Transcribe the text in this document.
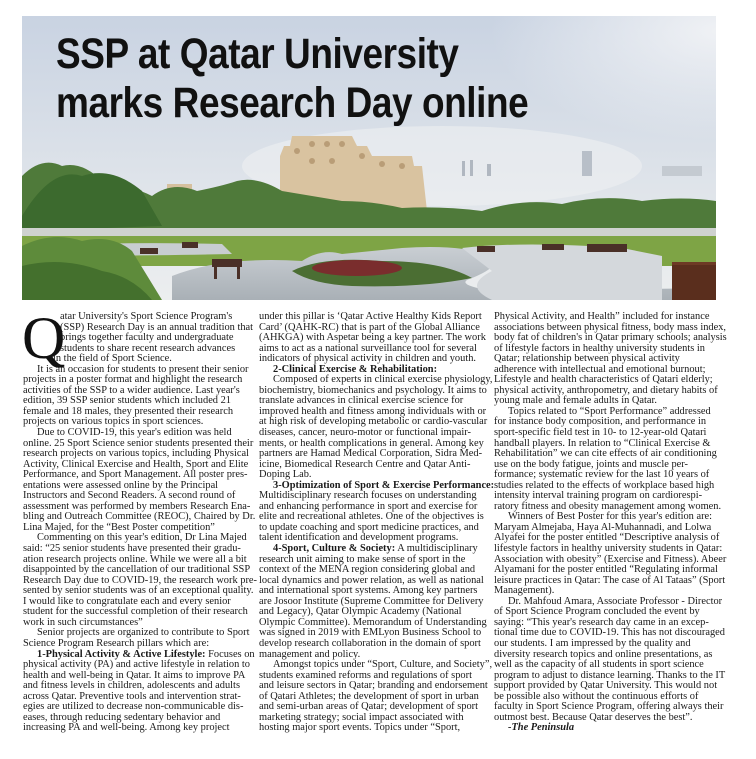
SSP at Qatar University
marks Research Day online
Q
atar University's Sport Science Program's
(SSP) Research Day is an annual tradition that
brings together faculty and undergraduate
students to share recent research advances
in the field of Sport Science.
It is an occasion for students to present their senior
projects in a poster format and highlight the research
activities of the SSP to a wider audience. Last year's
edition, 39 SSP senior students which included 21
female and 18 males, they presented their research
projects on various topics in sport sciences.
Due to COVID-19, this year's edition was held
online. 25 Sport Science senior students presented their
research projects on various topics, including Physical
Activity, Clinical Exercise and Health, Sport and Elite
Performance, and Sport Management. All poster pres-
entations were assessed online by the Principal
Instructors and Second Readers. A second round of
assessment was performed by members Research Ena-
bling and Outreach Committee (REOC), Chaired by Dr.
Lina Majed, for the “Best Poster competition”
Commenting on this year's edition, Dr Lina Majed
said: “25 senior students have presented their gradu-
ation research projects online. While we were all a bit
disappointed by the cancellation of our traditional SSP
Research Day due to COVID-19, the research work pre-
sented by senior students was of an exceptional quality.
I would like to congratulate each and every senior
student for the successful completion of their research
work in such circumstances”
Senior projects are organized to contribute to Sport
Science Program Research pillars which are:
1-Physical Activity & Active Lifestyle: Focuses on
physical activity (PA) and active lifestyle in relation to
health and well-being in Qatar. It aims to improve PA
and fitness levels in children, adolescents and adults
across Qatar. Preventive tools and intervention strat-
egies are utilized to decrease non-communicable dis-
eases, through reducing sedentary behavior and
increasing PA and well-being. Among key project
under this pillar is ‘Qatar Active Healthy Kids Report
Card’ (QAHK-RC) that is part of the Global Alliance
(AHKGA) with Aspetar being a key partner. The work
aims to act as a national surveillance tool for several
indicators of physical activity in children and youth.
2-Clinical Exercise & Rehabilitation:
Composed of experts in clinical exercise physiology,
biochemistry, biomechanics and psychology. It aims to
translate advances in clinical exercise science for
improved health and fitness among individuals with or
at high risk of developing metabolic or cardio-vascular
diseases, cancer, neuro-motor or functional impair-
ments, or health complications in general. Among key
partners are Hamad Medical Corporation, Sidra Med-
icine, Biomedical Research Centre and Qatar Anti-
Doping Lab.
3-Optimization of Sport & Exercise Performance:
Multidisciplinary research focuses on understanding
and enhancing performance in sport and exercise for
elite and recreational athletes. One of the objectives is
to update coaching and sport medicine practices, and
talent identification and development programs.
4-Sport, Culture & Society: A multidisciplinary
research unit aiming to make sense of sport in the
context of the MENA region considering global and
local dynamics and power relation, as well as national
and international sport systems. Among key partners
are Josoor Institute (Supreme Committee for Delivery
and Legacy), Qatar Olympic Academy (National
Olympic Committee). Memorandum of Understanding
was signed in 2019 with EMLyon Business School to
develop research collaboration in the domain of sport
management and policy.
Amongst topics under “Sport, Culture, and Society”,
students examined reforms and regulations of sport
and leisure sectors in Qatar; branding and endorsement
of Qatari Athletes; the development of sport in urban
and semi-urban areas of Qatar; development of sport
marketing strategy; social impact associated with
hosting major sport events. Topics under “Sport,
Physical Activity, and Health” included for instance
associations between physical fitness, body mass index,
body fat of children's in Qatar primary schools; analysis
of lifestyle factors in healthy university students in
Qatar; relationship between physical activity
adherence with intellectual and emotional burnout;
Lifestyle and health characteristics of Qatari elderly;
physical activity, anthropometry, and dietary habits of
young male and female adults in Qatar.
Topics related to “Sport Performance” addressed
for instance body composition, and performance in
sport-specific field test in 10- to 12-year-old Qatari
handball players. In relation to “Clinical Exercise &
Rehabilitation” we can cite effects of air conditioning
use on the body fatigue, joints and muscle per-
formance; systematic review for the last 10 years of
studies related to the effects of workplace based high
intensity interval training program on cardiorespi-
ratory fitness and obesity management among women.
Winners of Best Poster for this year's edition are:
Maryam Almejaba, Haya Al-Muhannadi, and Lolwa
Alyafei for the poster entitled “Descriptive analysis of
lifestyle factors in healthy university students in Qatar:
Association with obesity” (Exercise and Fitness). Abeer
Alyamani for the poster entitled “Regulating informal
leisure practices in Qatar: The case of Al Tataas” (Sport
Management).
Dr. Mahfoud Amara, Associate Professor - Director
of Sport Science Program concluded the event by
saying: “This year's research day came in an excep-
tional time due to COVID-19. This has not discouraged
our students. I am impressed by the quality and
diversity research topics and online presentations, as
well as the capacity of all students in sport science
program to adjust to distance learning. Thanks to the IT
support provided by Qatar University. This would not
be possible also without the continuous efforts of
faculty in Sport Science Program, offering always their
outmost best. Because Qatar deserves the best”.
-The Peninsula
